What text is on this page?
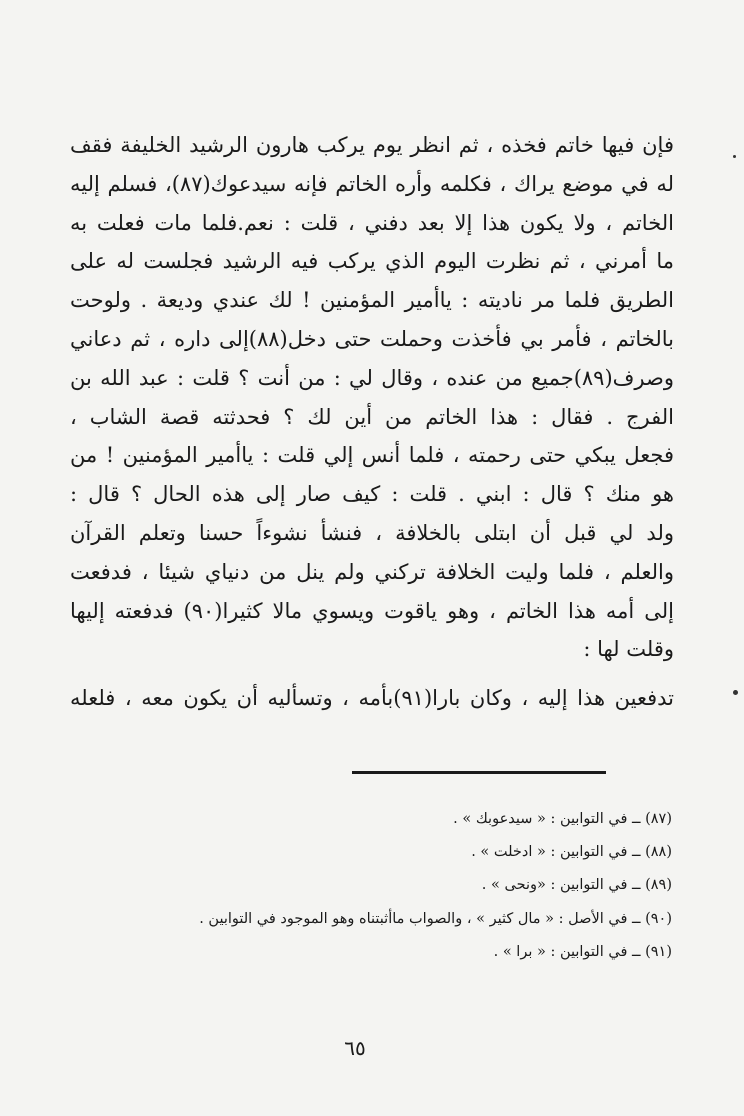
فإن فيها خاتم فخذه ، ثم انظر يوم يركب هارون الرشيد الخليفة فقف
له في موضع يراك ، فكلمه وأره الخاتم فإنه سيدعوك(٨٧)، فسلم إليه
الخاتم ، ولا يكون هذا إلا بعد دفني ، قلت : نعم.فلما مات فعلت به
ما أمرني ، ثم نظرت اليوم الذي يركب فيه الرشيد فجلست له على
الطريق فلما مر ناديته : ياأمير المؤمنين ! لك عندي وديعة . ولوحت
بالخاتم ، فأمر بي فأخذت وحملت حتى دخل(٨٨)إلى داره ، ثم دعاني
وصرف(٨٩)جميع من عنده ، وقال لي : من أنت ؟ قلت : عبد الله بن
الفرج . فقال : هذا الخاتم من أين لك ؟ فحدثته قصة الشاب ،
فجعل يبكي حتى رحمته ، فلما أنس إلي قلت : ياأمير المؤمنين ! من
هو منك ؟ قال : ابني . قلت : كيف صار إلى هذه الحال ؟ قال :
ولد لي قبل أن ابتلى بالخلافة ، فنشأ نشوءاً حسنا وتعلم القرآن
والعلم ، فلما وليت الخلافة تركني ولم ينل من دنياي شيئا ، فدفعت
إلى أمه هذا الخاتم ، وهو ياقوت ويسوي مالا كثيرا(٩٠) فدفعته إليها
وقلت لها :
تدفعين هذا إليه ، وكان بارا(٩١)بأمه ، وتسأليه أن يكون معه ، فلعله
(٨٧) ــ في التوابين : « سيدعوبك » .
(٨٨) ــ في التوابين : « ادخلت » .
(٨٩) ــ في التوابين : «ونحى » .
(٩٠) ــ في الأصل : « مال كثير » ، والصواب ماأثبتناه وهو الموجود في التوابين .
(٩١) ــ في التوابين : « برا » .
٦٥
